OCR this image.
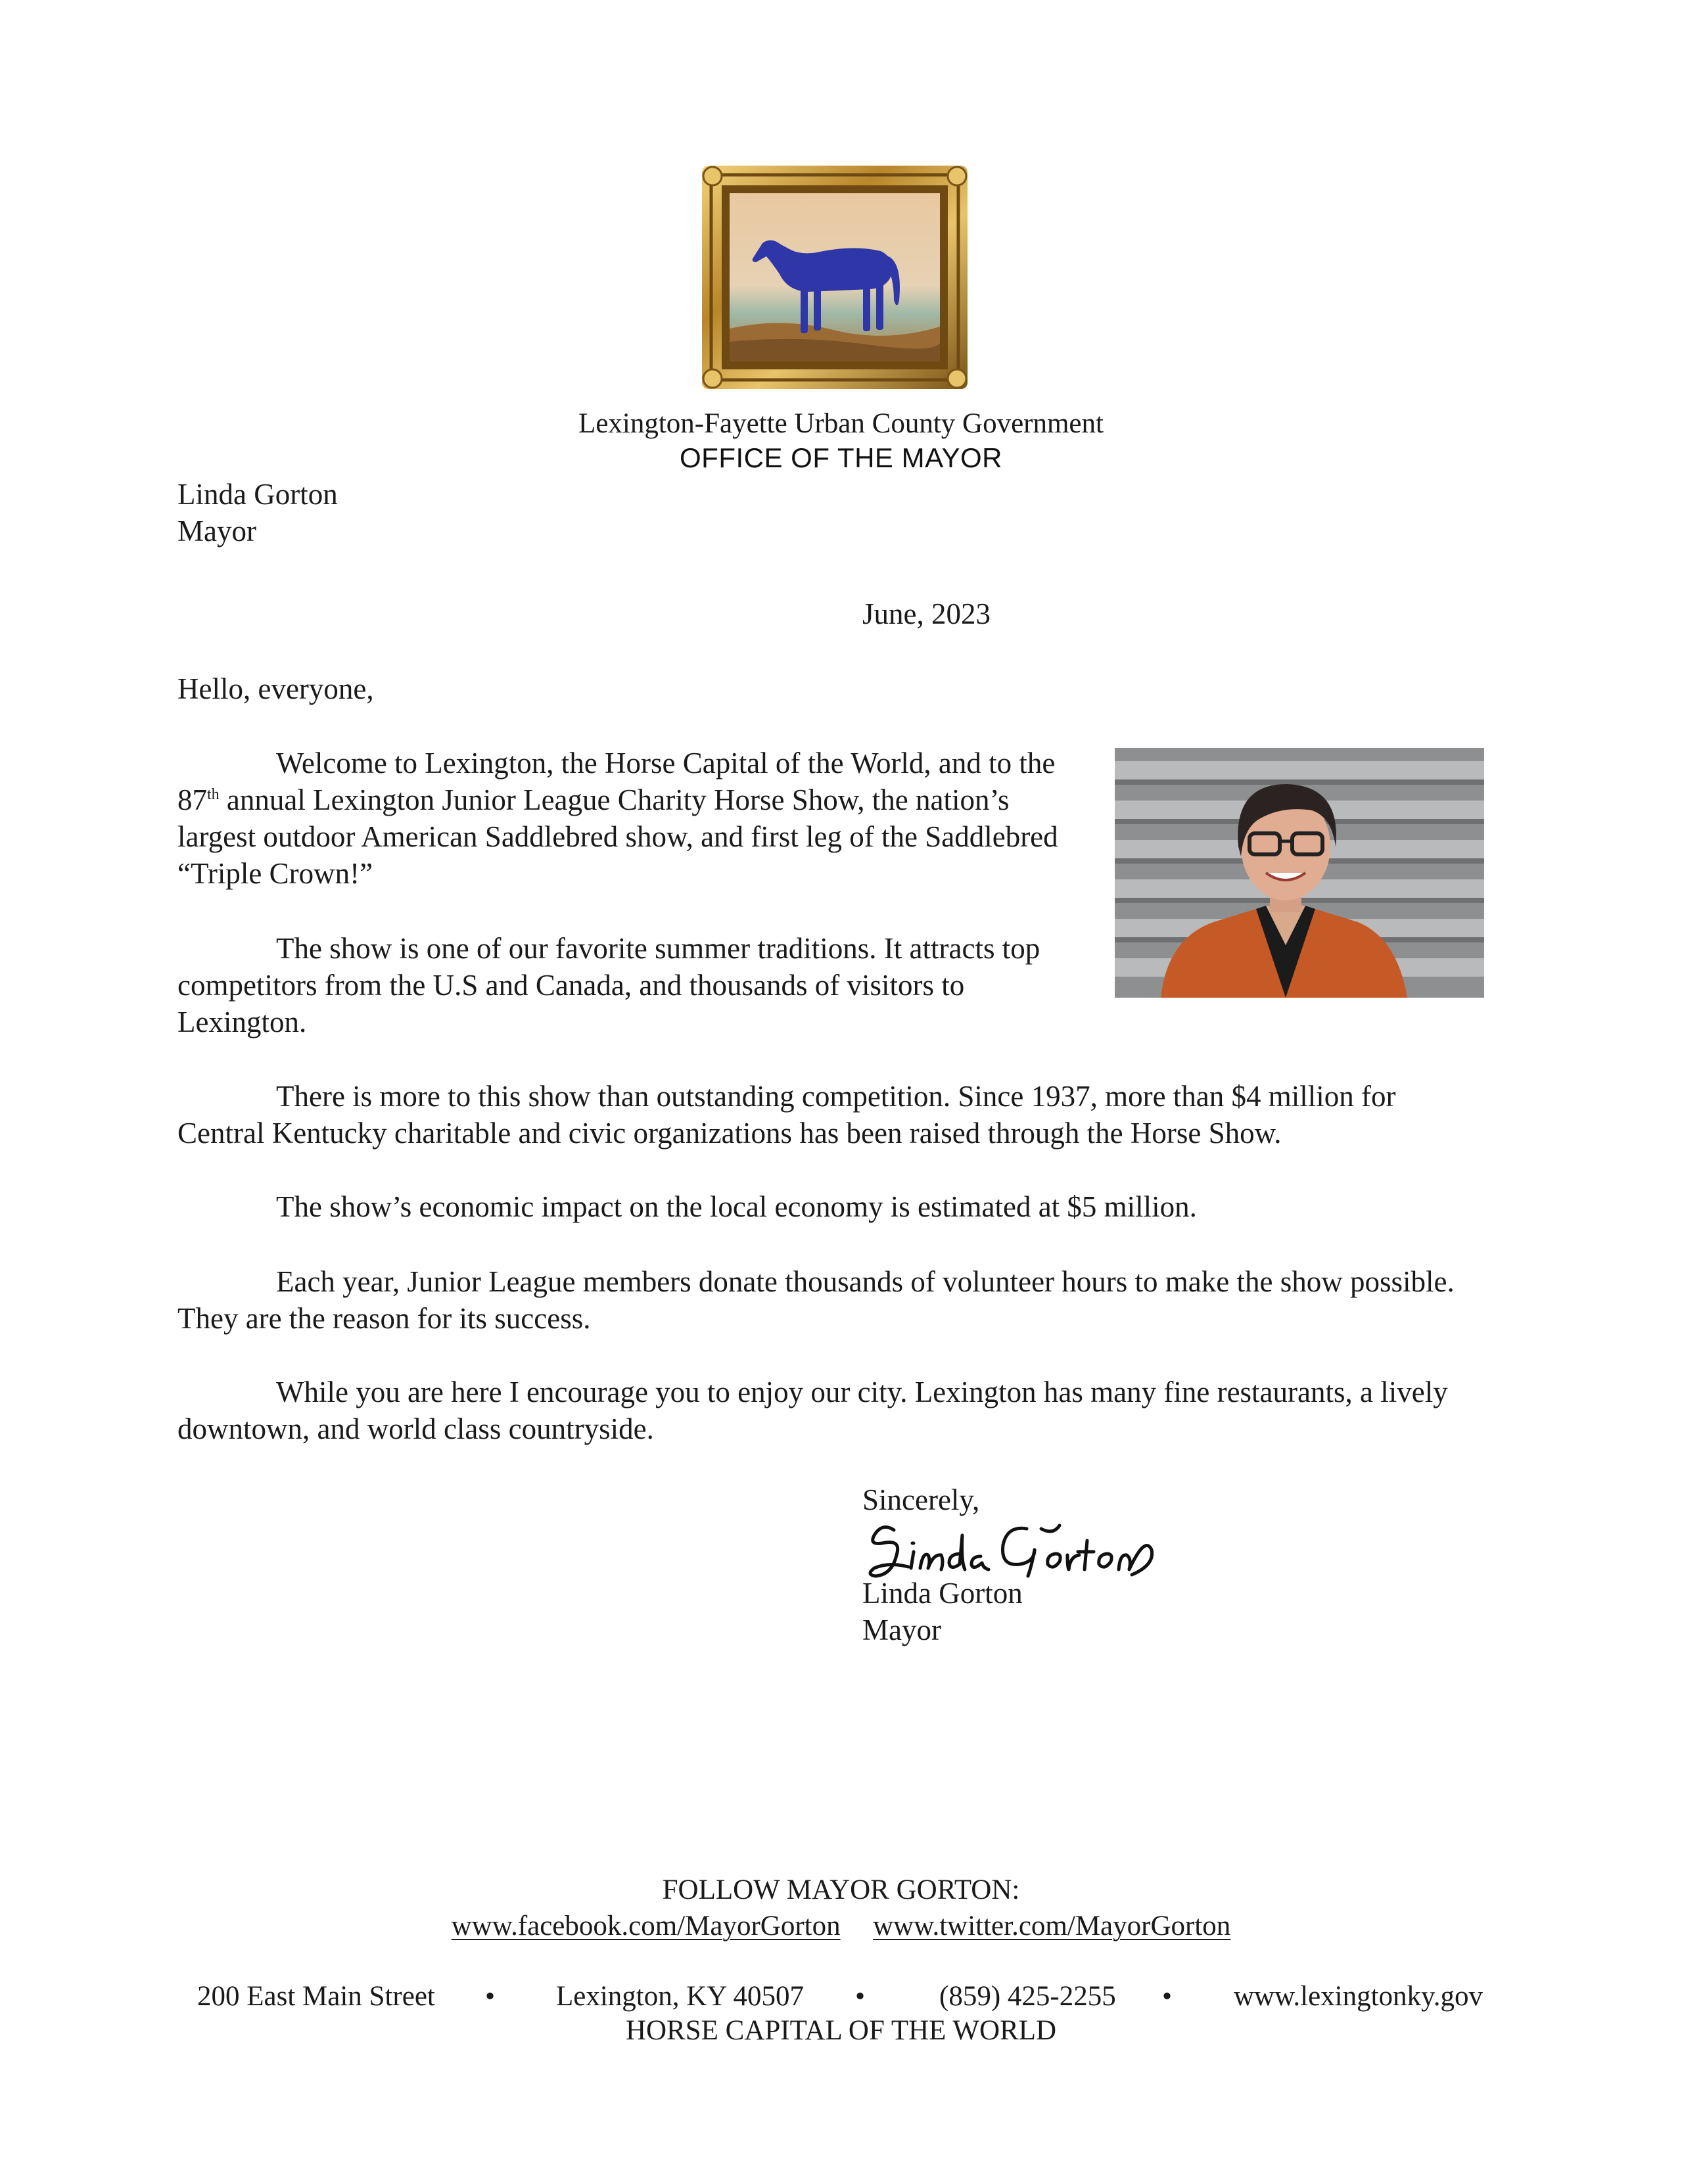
Lexington-Fayette Urban County Government
OFFICE OF THE MAYOR
Linda Gorton
Mayor
June, 2023
Hello, everyone,
Welcome to Lexington, the Horse Capital of the World, and to the
87th annual Lexington Junior League Charity Horse Show, the nation’s
largest outdoor American Saddlebred show, and first leg of the Saddlebred
“Triple Crown!”
The show is one of our favorite summer traditions. It attracts top
competitors from the U.S and Canada, and thousands of visitors to
Lexington.
There is more to this show than outstanding competition. Since 1937, more than $4 million for
Central Kentucky charitable and civic organizations has been raised through the Horse Show.
The show’s economic impact on the local economy is estimated at $5 million.
Each year, Junior League members donate thousands of volunteer hours to make the show possible.
They are the reason for its success.
While you are here I encourage you to enjoy our city. Lexington has many fine restaurants, a lively
downtown, and world class countryside.
Sincerely,
Linda Gorton
Mayor
FOLLOW MAYOR GORTON:
www.facebook.com/MayorGorton www.twitter.com/MayorGorton
200 East Main Street • Lexington, KY 40507 •	(859) 425-2255 • www.lexingtonky.gov
HORSE CAPITAL OF THE WORLD
